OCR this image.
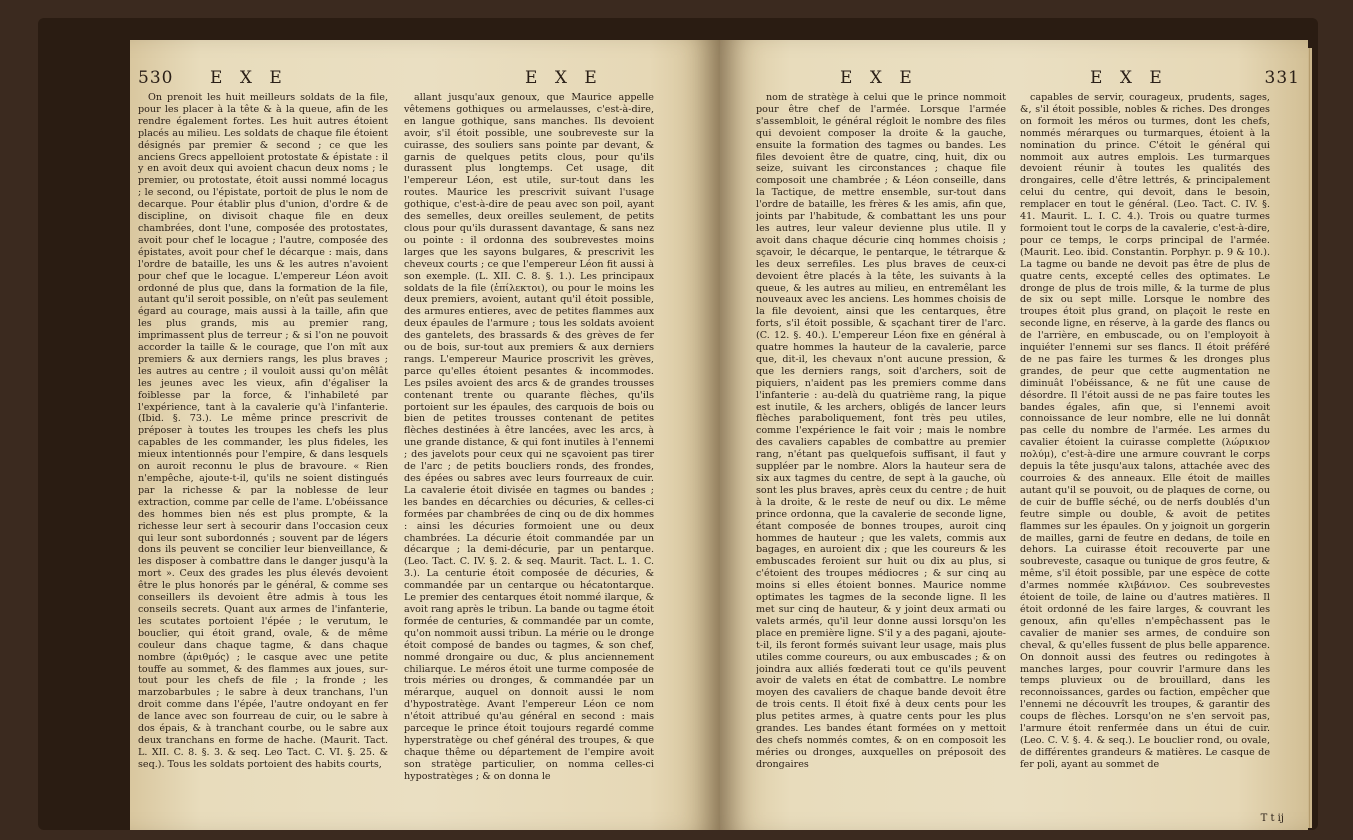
530 E X E	E X E

On prenoit les huit meilleurs soldats de la file, pour les placer à la tête & à la queue, afin de les rendre également fortes. Les huit autres étoient placés au milieu. Les soldats de chaque file étoient désignés par premier & second ; ce que les anciens Grecs appelloient protostate & épistate : il y en avoit deux qui avoient chacun deux noms ; le premier, ou protostate, étoit aussi nommé locagus ; le second, ou l'épistate, portoit de plus le nom de decarque. Pour établir plus d'union, d'ordre & de discipline, on divisoit chaque file en deux chambrées, dont l'une, composée des protostates, avoit pour chef le locague ; l'autre, composée des épistates, avoit pour chef le décarque : mais, dans l'ordre de bataille, les uns & les autres n'avoient pour chef que le locague. L'empereur Léon avoit ordonné de plus que, dans la formation de la file, autant qu'il seroit possible, on n'eût pas seulement égard au courage, mais aussi à la taille, afin que les plus grands, mis au premier rang, imprimassent plus de terreur ; & si l'on ne pouvoit accorder la taille & le courage, que l'on mît aux premiers & aux derniers rangs, les plus braves ; les autres au centre ; il vouloit aussi qu'on mêlât les jeunes avec les vieux, afin d'égaliser la foiblesse par la force, & l'inhabileté par l'expérience, tant à la cavalerie qu'à l'infanterie. (Ibid. §. 73.). Le même prince prescrivit de préposer à toutes les troupes les chefs les plus capables de les commander, les plus fideles, les mieux intentionnés pour l'empire, & dans lesquels on auroit reconnu le plus de bravoure. « Rien n'empêche, ajoute-t-il, qu'ils ne soient distingués par la richesse & par la noblesse de leur extraction, comme par celle de l'ame. L'obéissance des hommes bien nés est plus prompte, & la richesse leur sert à secourir dans l'occasion ceux qui leur sont subordonnés ; souvent par de légers dons ils peuvent se concilier leur bienveillance, & les disposer à combattre dans le danger jusqu'à la mort ». Ceux des grades les plus élevés devoient être le plus honorés par le général, & comme ses conseillers ils devoient être admis à tous les conseils secrets. Quant aux armes de l'infanterie, les scutates portoient l'épée ; le verutum, le bouclier, qui étoit grand, ovale, & de même couleur dans chaque tagme, & dans chaque nombre (ἀριθμός) ; le casque avec une petite touffe au sommet, & des flammes aux joues, sur-tout pour les chefs de file ; la fronde ; les marzobarbules ; le sabre à deux tranchans, l'un droit comme dans l'épée, l'autre ondoyant en fer de lance avec son fourreau de cuir, ou le sabre à dos épais, & à tranchant courbe, ou le sabre aux deux tranchans en forme de hache. (Maurit. Tact. L. XII. C. 8. §. 3. & seq. Leo Tact. C. VI. §. 25. & seq.). Tous les soldats portoient des habits courts,

allant jusqu'aux genoux, que Maurice appelle vêtemens gothiques ou armelausses, c'est-à-dire, en langue gothique, sans manches. Ils devoient avoir, s'il étoit possible, une soubreveste sur la cuirasse, des souliers sans pointe par devant, & garnis de quelques petits clous, pour qu'ils durassent plus longtemps. Cet usage, dit l'empereur Léon, est utile, sur-tout dans les routes. Maurice les prescrivit suivant l'usage gothique, c'est-à-dire de peau avec son poil, ayant des semelles, deux oreilles seulement, de petits clous pour qu'ils durassent davantage, & sans nez ou pointe : il ordonna des soubrevestes moins larges que les sayons bulgares, & prescrivit les cheveux courts ; ce que l'empereur Léon fit aussi à son exemple. (L. XII. C. 8. §. 1.). Les principaux soldats de la file (ἐπίλεκτοι), ou pour le moins les deux premiers, avoient, autant qu'il étoit possible, des armures entieres, avec de petites flammes aux deux épaules de l'armure ; tous les soldats avoient des gantelets, des brassards & des grèves de fer ou de bois, sur-tout aux premiers & aux derniers rangs. L'empereur Maurice proscrivit les grèves, parce qu'elles étoient pesantes & incommodes. Les psiles avoient des arcs & de grandes trousses contenant trente ou quarante flèches, qu'ils portoient sur les épaules, des carquois de bois ou bien de petites trousses contenant de petites flèches destinées à être lancées, avec les arcs, à une grande distance, & qui font inutiles à l'ennemi ; des javelots pour ceux qui ne sçavoient pas tirer de l'arc ; de petits boucliers ronds, des frondes, des épées ou sabres avec leurs fourreaux de cuir. La cavalerie étoit divisée en tagmes ou bandes ; les bandes en décarchies ou décuries, & celles-ci formées par chambrées de cinq ou de dix hommes : ainsi les décuries formoient une ou deux chambrées. La décurie étoit commandée par un décarque ; la demi-décurie, par un pentarque. (Leo. Tact. C. IV. §. 2. & seq. Maurit. Tact. L. 1. C. 3.). La centurie étoit composée de décuries, & commandée par un centarque ou hécatontarque. Le premier des centarques étoit nommé ilarque, & avoit rang après le tribun. La bande ou tagme étoit formée de centuries, & commandée par un comte, qu'on nommoit aussi tribun. La mérie ou le dronge étoit composé de bandes ou tagmes, & son chef, nommé drongaire ou duc, & plus anciennement chiliarque. Le méros étoit une turme composée de trois méries ou dronges, & commandée par un mérarque, auquel on donnoit aussi le nom d'hypostratège. Avant l'empereur Léon ce nom n'étoit attribué qu'au général en second : mais parceque le prince étoit toujours regardé comme hyperstratège ou chef général des troupes, & que chaque thême ou département de l'empire avoit son stratège particulier, on nomma celles-ci hypostratèges ; & on donna le

E X E	E X E	331

nom de stratège à celui que le prince nommoit pour être chef de l'armée. Lorsque l'armée s'assembloit, le général régloit le nombre des files qui devoient composer la droite & la gauche, ensuite la formation des tagmes ou bandes. Les files devoient être de quatre, cinq, huit, dix ou seize, suivant les circonstances ; chaque file composoit une chambrée ; & Léon conseille, dans la Tactique, de mettre ensemble, sur-tout dans l'ordre de bataille, les frères & les amis, afin que, joints par l'habitude, & combattant les uns pour les autres, leur valeur devienne plus utile. Il y avoit dans chaque décurie cinq hommes choisis ; sçavoir, le décarque, le pentarque, le tétrarque & les deux serrefiles. Les plus braves de ceux-ci devoient être placés à la tête, les suivants à la queue, & les autres au milieu, en entremêlant les nouveaux avec les anciens. Les hommes choisis de la file devoient, ainsi que les centarques, être forts, s'il étoit possible, & sçachant tirer de l'arc. (C. 12. §. 40.). L'empereur Léon fixe en général à quatre hommes la hauteur de la cavalerie, parce que, dit-il, les chevaux n'ont aucune pression, & que les derniers rangs, soit d'archers, soit de piquiers, n'aident pas les premiers comme dans l'infanterie : au-delà du quatrième rang, la pique est inutile, & les archers, obligés de lancer leurs flèches paraboliquement, font très peu utiles, comme l'expérience le fait voir ; mais le nombre des cavaliers capables de combattre au premier rang, n'étant pas quelquefois suffisant, il faut y suppléer par le nombre. Alors la hauteur sera de six aux tagmes du centre, de sept à la gauche, où sont les plus braves, après ceux du centre ; de huit à la droite, & le reste de neuf ou dix. Le même prince ordonna, que la cavalerie de seconde ligne, étant composée de bonnes troupes, auroit cinq hommes de hauteur ; que les valets, commis aux bagages, en auroient dix ; que les coureurs & les embuscades feroient sur huit ou dix au plus, si c'étoient des troupes médiocres ; & sur cinq au moins si elles étoient bonnes. Maurice nomme optimates les tagmes de la seconde ligne. Il les met sur cinq de hauteur, & y joint deux armati ou valets armés, qu'il leur donne aussi lorsqu'on les place en première ligne. S'il y a des pagani, ajoute-t-il, ils feront formés suivant leur usage, mais plus utiles comme coureurs, ou aux embuscades ; & on joindra aux alliés fœderati tout ce qu'ils peuvent avoir de valets en état de combattre. Le nombre moyen des cavaliers de chaque bande devoit être de trois cents. Il étoit fixé à deux cents pour les plus petites armes, à quatre cents pour les plus grandes. Les bandes étant formées on y mettoit des chefs nommés comtes, & on en composoit les méries ou dronges, auxquelles on préposoit des drongaires

capables de servir, courageux, prudents, sages, &, s'il étoit possible, nobles & riches. Des dronges on formoit les méros ou turmes, dont les chefs, nommés mérarques ou turmarques, étoient à la nomination du prince. C'étoit le général qui nommoit aux autres emplois. Les turmarques devoient réunir à toutes les qualités des drongaires, celle d'être lettrés, & principalement celui du centre, qui devoit, dans le besoin, remplacer en tout le général. (Leo. Tact. C. IV. §. 41. Maurit. L. I. C. 4.). Trois ou quatre turmes formoient tout le corps de la cavalerie, c'est-à-dire, pour ce temps, le corps principal de l'armée. (Maurit. Leo. ibid. Constantin. Porphyr. p. 9 & 10.). La tagme ou bande ne devoit pas être de plus de quatre cents, excepté celles des optimates. Le dronge de plus de trois mille, & la turme de plus de six ou sept mille. Lorsque le nombre des troupes étoit plus grand, on plaçoit le reste en seconde ligne, en réserve, à la garde des flancs ou de l'arrière, en embuscade, ou on l'employoit à inquiéter l'ennemi sur ses flancs. Il étoit préféré de ne pas faire les turmes & les dronges plus grandes, de peur que cette augmentation ne diminuât l'obéissance, & ne fût une cause de désordre. Il l'étoit aussi de ne pas faire toutes les bandes égales, afin que, si l'ennemi avoit connoissance de leur nombre, elle ne lui donnât pas celle du nombre de l'armée. Les armes du cavalier étoient la cuirasse complette (λώρικιον πολύμ), c'est-à-dire une armure couvrant le corps depuis la tête jusqu'aux talons, attachée avec des courroies & des anneaux. Elle étoit de mailles autant qu'il se pouvoit, ou de plaques de corne, ou de cuir de buffle séché, ou de nerfs doublés d'un feutre simple ou double, & avoit de petites flammes sur les épaules. On y joignoit un gorgerin de mailles, garni de feutre en dedans, de toile en dehors. La cuirasse étoit recouverte par une soubreveste, casaque ou tunique de gros feutre, & même, s'il étoit possible, par une espèce de cotte d'armes nommée κλιβάνιον. Ces soubrevestes étoient de toile, de laine ou d'autres matières. Il étoit ordonné de les faire larges, & couvrant les genoux, afin qu'elles n'empêchassent pas le cavalier de manier ses armes, de conduire son cheval, & qu'elles fussent de plus belle apparence. On donnoit aussi des feutres ou redingotes à manches larges, pour couvrir l'armure dans les temps pluvieux ou de brouillard, dans les reconnoissances, gardes ou faction, empêcher que l'ennemi ne découvrît les troupes, & garantir des coups de flèches. Lorsqu'on ne s'en servoit pas, l'armure étoit renfermée dans un étui de cuir. (Leo. C. V. §. 4. & seq.). Le bouclier rond, ou ovale, de différentes grandeurs & matières. Le casque de fer poli, ayant au sommet de

T t ij
